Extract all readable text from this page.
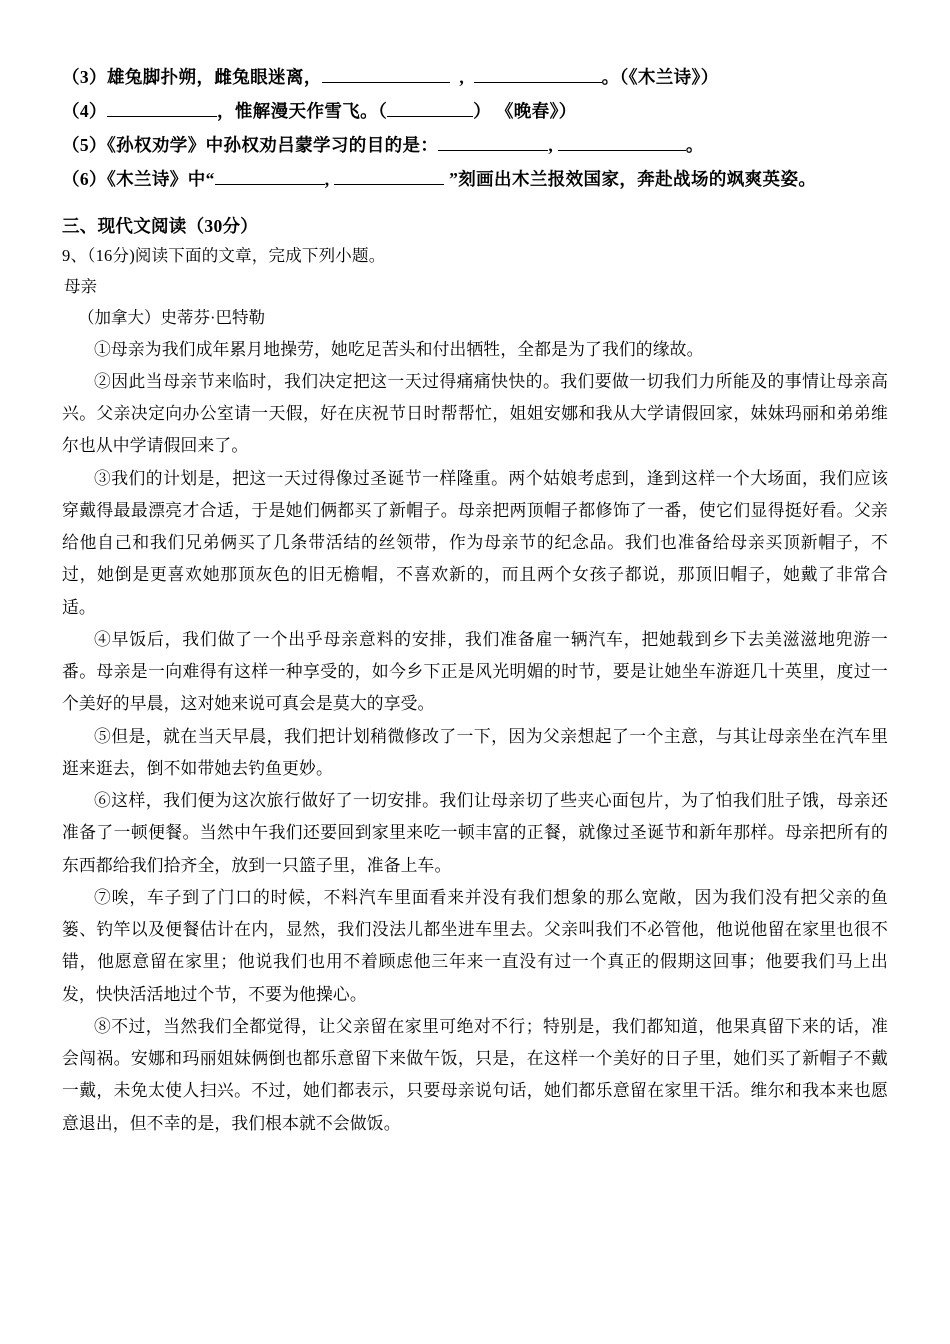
（3）雄兔脚扑朔，雌兔眼迷离，	,	。（《木兰诗》）
（4）	，惟解漫天作雪飞。（	） 《晚春》）
（5）《孙权劝学》中孙权劝吕蒙学习的目的是：	,	。
（6）《木兰诗》中“	,	”刻画出木兰报效国家，奔赴战场的飒爽英姿。
三、现代文阅读（30分）
9、（16分)阅读下面的文章，完成下列小题。
母亲
（加拿大）史蒂芬·巴特勒

①母亲为我们成年累月地操劳，她吃足苦头和付出牺牲，全都是为了我们的缘故。

②因此当母亲节来临时，我们决定把这一天过得痛痛快快的。我们要做一切我们力所能及的事情让母亲高兴。父亲决定向办公室请一天假，好在庆祝节日时帮帮忙，姐姐安娜和我从大学请假回家，妹妹玛丽和弟弟维尔也从中学请假回来了。

③我们的计划是，把这一天过得像过圣诞节一样隆重。两个姑娘考虑到，逢到这样一个大场面，我们应该穿戴得最最漂亮才合适，于是她们俩都买了新帽子。母亲把两顶帽子都修饰了一番，使它们显得挺好看。父亲给他自己和我们兄弟俩买了几条带活结的丝领带，作为母亲节的纪念品。我们也准备给母亲买顶新帽子，不过，她倒是更喜欢她那顶灰色的旧无檐帽，不喜欢新的，而且两个女孩子都说，那顶旧帽子，她戴了非常合适。

④早饭后，我们做了一个出乎母亲意料的安排，我们准备雇一辆汽车，把她载到乡下去美滋滋地兜游一番。母亲是一向难得有这样一种享受的，如今乡下正是风光明媚的时节，要是让她坐车游逛几十英里，度过一个美好的早晨，这对她来说可真会是莫大的享受。

⑤但是，就在当天早晨，我们把计划稍微修改了一下，因为父亲想起了一个主意，与其让母亲坐在汽车里逛来逛去，倒不如带她去钓鱼更妙。

⑥这样，我们便为这次旅行做好了一切安排。我们让母亲切了些夹心面包片，为了怕我们肚子饿，母亲还准备了一顿便餐。当然中午我们还要回到家里来吃一顿丰富的正餐，就像过圣诞节和新年那样。母亲把所有的东西都给我们拾齐全，放到一只篮子里，准备上车。

⑦唉，车子到了门口的时候，不料汽车里面看来并没有我们想象的那么宽敞，因为我们没有把父亲的鱼篓、钓竿以及便餐估计在内，显然，我们没法儿都坐进车里去。父亲叫我们不必管他，他说他留在家里也很不错，他愿意留在家里；他说我们也用不着顾虑他三年来一直没有过一个真正的假期这回事；他要我们马上出发，快快活活地过个节，不要为他操心。

⑧不过，当然我们全都觉得，让父亲留在家里可绝对不行；特别是，我们都知道，他果真留下来的话，准会闯祸。安娜和玛丽姐妹俩倒也都乐意留下来做午饭，只是，在这样一个美好的日子里，她们买了新帽子不戴一戴，未免太使人扫兴。不过，她们都表示，只要母亲说句话，她们都乐意留在家里干活。维尔和我本来也愿意退出，但不幸的是，我们根本就不会做饭。
